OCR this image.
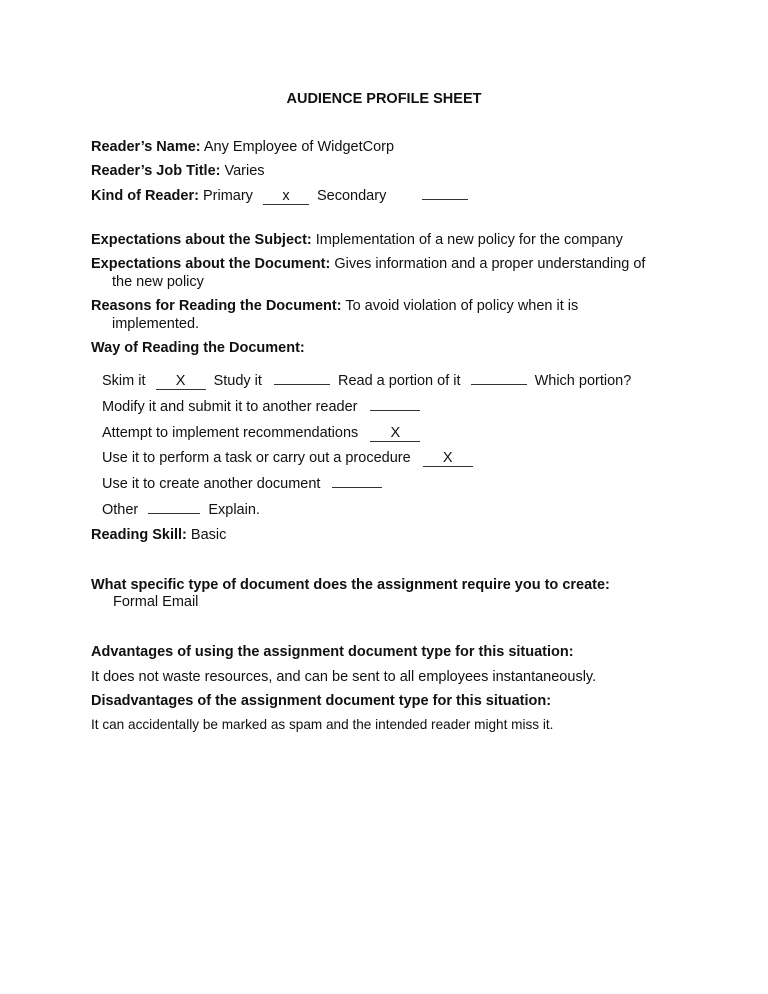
AUDIENCE PROFILE SHEET
Reader’s Name: Any Employee of WidgetCorp
Reader’s Job Title: Varies
Kind of Reader: Primary x Secondary
Expectations about the Subject: Implementation of a new policy for the company
Expectations about the Document: Gives information and a proper understanding of
the new policy
Reasons for Reading the Document: To avoid violation of policy when it is
implemented.
Way of Reading the Document:
Skim it X Study it	Read a portion of it	Which portion?
Modify it and submit it to another reader
Attempt to implement recommendations X
Use it to perform a task or carry out a procedure X
Use it to create another document
Other	Explain.
Reading Skill: Basic
What specific type of document does the assignment require you to create:
Formal Email
Advantages of using the assignment document type for this situation:
It does not waste resources, and can be sent to all employees instantaneously.
Disadvantages of the assignment document type for this situation:
It can accidentally be marked as spam and the intended reader might miss it.
